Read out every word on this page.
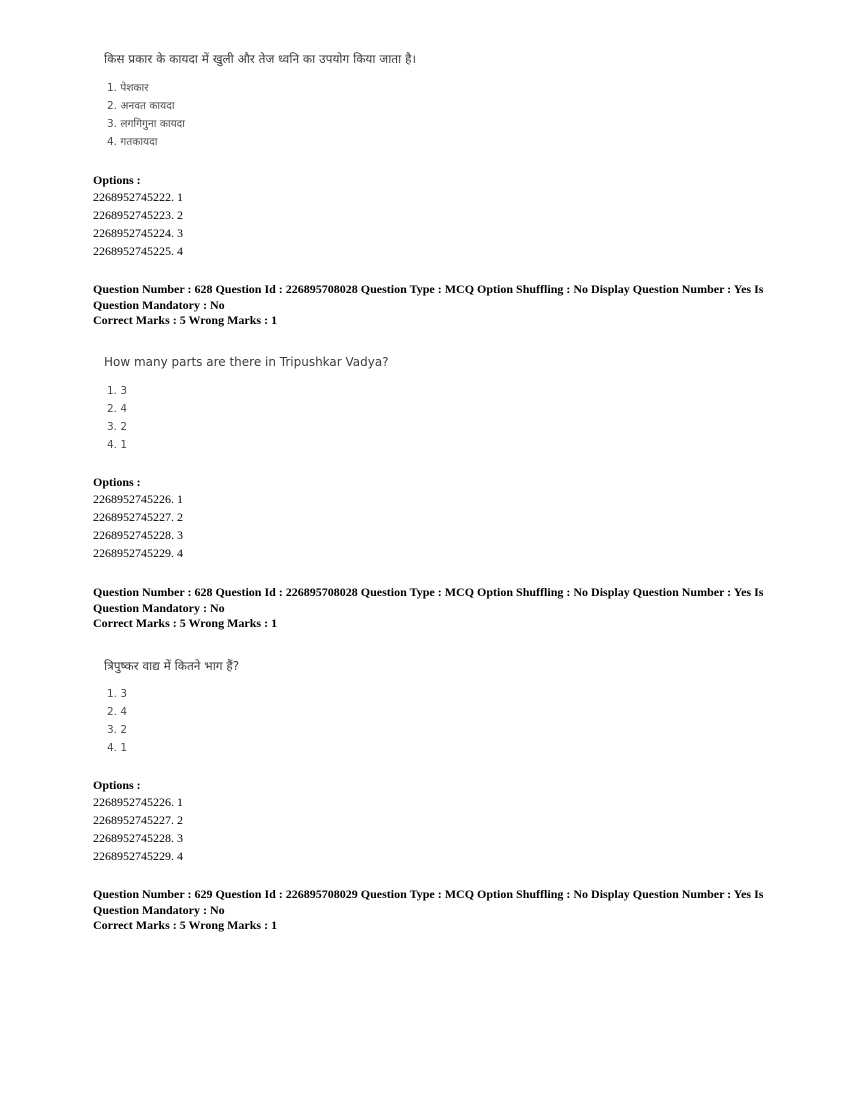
किस प्रकार के कायदा में खुली और तेज ध्वनि का उपयोग किया जाता है।
1. पेशकार
2. अनवत कायदा
3. लगगिगुना कायदा
4. गतकायदा
Options :
2268952745222. 1
2268952745223. 2
2268952745224. 3
2268952745225. 4
Question Number : 628 Question Id : 226895708028 Question Type : MCQ Option Shuffling : No Display Question Number : Yes Is
Question Mandatory : No
Correct Marks : 5 Wrong Marks : 1
How many parts are there in Tripushkar Vadya?
1. 3
2. 4
3. 2
4. 1
Options :
2268952745226. 1
2268952745227. 2
2268952745228. 3
2268952745229. 4
Question Number : 628 Question Id : 226895708028 Question Type : MCQ Option Shuffling : No Display Question Number : Yes Is
Question Mandatory : No
Correct Marks : 5 Wrong Marks : 1
त्रिपुष्कर वाद्य में कितने भाग हैं?
1. 3
2. 4
3. 2
4. 1
Options :
2268952745226. 1
2268952745227. 2
2268952745228. 3
2268952745229. 4
Question Number : 629 Question Id : 226895708029 Question Type : MCQ Option Shuffling : No Display Question Number : Yes Is
Question Mandatory : No
Correct Marks : 5 Wrong Marks : 1
